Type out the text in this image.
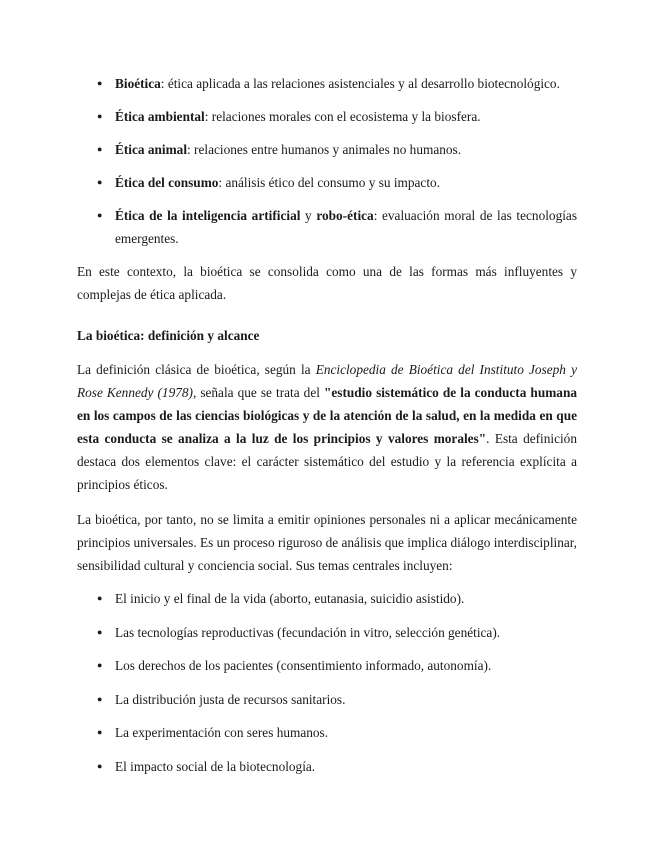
● Bioética: ética aplicada a las relaciones asistenciales y al desarrollo biotecnológico.
● Ética ambiental: relaciones morales con el ecosistema y la biosfera.
● Ética animal: relaciones entre humanos y animales no humanos.
● Ética del consumo: análisis ético del consumo y su impacto.
● Ética de la inteligencia artificial y robo-ética: evaluación moral de las tecnologías emergentes.

En este contexto, la bioética se consolida como una de las formas más influyentes y complejas de ética aplicada.

La bioética: definición y alcance

La definición clásica de bioética, según la Enciclopedia de Bioética del Instituto Joseph y Rose Kennedy (1978), señala que se trata del "estudio sistemático de la conducta humana en los campos de las ciencias biológicas y de la atención de la salud, en la medida en que esta conducta se analiza a la luz de los principios y valores morales". Esta definición destaca dos elementos clave: el carácter sistemático del estudio y la referencia explícita a principios éticos.

La bioética, por tanto, no se limita a emitir opiniones personales ni a aplicar mecánicamente principios universales. Es un proceso riguroso de análisis que implica diálogo interdisciplinar, sensibilidad cultural y conciencia social. Sus temas centrales incluyen:

● El inicio y el final de la vida (aborto, eutanasia, suicidio asistido).
● Las tecnologías reproductivas (fecundación in vitro, selección genética).
● Los derechos de los pacientes (consentimiento informado, autonomía).
● La distribución justa de recursos sanitarios.
● La experimentación con seres humanos.
● El impacto social de la biotecnología.
